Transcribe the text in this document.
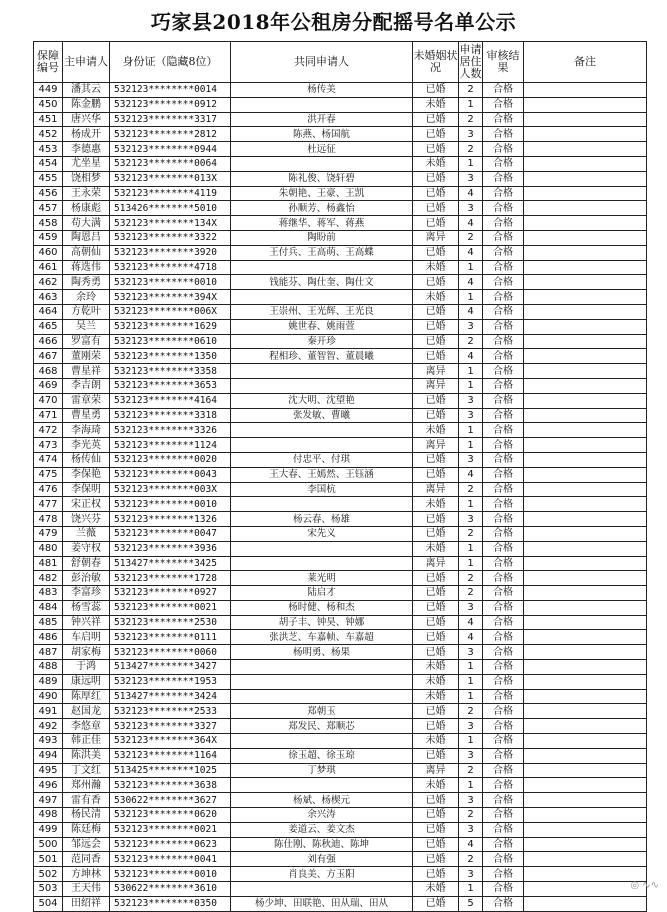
巧家县2018年公租房分配摇号名单公示
保障编号	主申请人	身份证（隐藏8位）	共同申请人	未婚姻状况	申请居住人数	审核结果	备注
449	潘其云	532123********0014	杨传美	已婚	2	合格	
450	陈金鹏	532123********0912		未婚	1	合格	
451	唐兴华	532123********3317	洪开春	已婚	2	合格	
452	杨成开	532123********2812	陈燕、杨国航	已婚	3	合格	
453	李德惠	532123********0944	杜远征	已婚	2	合格	
454	尤坐星	532123********0064		未婚	1	合格	
455	饶相梦	532123********013X	陈礼俊、饶轩碧	已婚	3	合格	
456	王永荣	532123********4119	朱朝艳、王豪、王凯	已婚	4	合格	
457	杨康彪	513426********5010	孙顺芳、杨鑫怡	已婚	3	合格	
458	苟大满	532123********134X	蒋继华、蒋军、蒋燕	已婚	4	合格	
459	陶恩吕	532123********3322	陶盼前	离异	2	合格	
460	高朝仙	532123********3920	王付兵、王高萌、王高蝶	已婚	4	合格	
461	蒋选伟	532123********4718		未婚	1	合格	
462	陶秀勇	532123********0010	钱能芬、陶仕奎、陶仕文	已婚	4	合格	
463	余玲	532123********394X		未婚	1	合格	
464	方乾叶	532123********006X	王崇州、王光辉、王光良	已婚	4	合格	
465	吴兰	532123********1629	姚世春、姚雨萱	已婚	3	合格	
466	罗富有	532123********0610	秦开珍	已婚	2	合格	
467	董刚荣	532123********1350	程相珍、董智智、董晨曦	已婚	4	合格	
468	曹星祥	532123********3358		离异	1	合格	
469	李吉朗	532123********3653		离异	1	合格	
470	雷章荣	532123********4164	沈大明、沈望艳	已婚	3	合格	
471	曹星勇	532123********3318	张发敏、曹曦	已婚	3	合格	
472	李海琦	532123********3326		未婚	1	合格	
473	李光英	532123********1124		离异	1	合格	
474	杨传仙	532123********0020	付忠平、付琪	已婚	3	合格	
475	李保艳	532123********0043	王大春、王嫣然、王钰涵	已婚	4	合格	
476	李保明	532123********003X	李国杭	离异	2	合格	
477	宋正权	532123********0010		未婚	1	合格	
478	饶兴芬	532123********1326	杨云春、杨雄	已婚	3	合格	
479	兰薇	532123********0047	宋先义	已婚	2	合格	
480	姜守权	532123********3936		未婚	1	合格	
481	舒朝春	513427********3425		离异	1	合格	
482	彭治敏	532123********1728	莱光明	已婚	2	合格	
483	李富珍	532123********0927	陆启才	已婚	2	合格	
484	杨雪蕊	532123********0021	杨时健、杨和杰	已婚	3	合格	
485	钟兴祥	532123********2530	胡子丰、钟昊、钟娜	已婚	4	合格	
486	车启明	532123********0111	张洪芝、车嘉帧、车嘉超	已婚	4	合格	
487	胡家梅	532123********0060	杨明勇、杨果	已婚	3	合格	
488	于鸿	513427********3427		未婚	1	合格	
489	康远明	532123********1953		未婚	1	合格	
490	陈厚红	513427********3424		未婚	1	合格	
491	赵国龙	532123********2533	郑朝玉	已婚	2	合格	
492	李悠章	532123********3327	郑发民、郑顺芯	已婚	3	合格	
493	韩正佳	532123********364X		未婚	1	合格	
494	陈洪美	532123********1164	徐玉超、徐玉琼	已婚	3	合格	
495	丁文红	513425********1025	丁梦琪	离异	2	合格	
496	郑州瀚	532123********3638		未婚	1	合格	
497	雷有香	530622********3627	杨斌、杨楔元	已婚	3	合格	
498	杨民清	532123********0620	余兴涛	已婚	2	合格	
499	陈廷梅	532123********0021	姜道云、姜文杰	已婚	3	合格	
500	邹远会	532123********0623	陈仕刚、陈秋迪、陈坤	已婚	4	合格	
501	范同香	532123********0041	刘有强	已婚	2	合格	
502	方坤林	532123********0010	肖良美、方玉阳	已婚	3	合格	
503	王天伟	530622********3610		未婚	1	合格	
504	田绍祥	532123********0350	杨少坤、田联艳、田从瑞、田从	已婚	5	合格		◎ ∿∿
